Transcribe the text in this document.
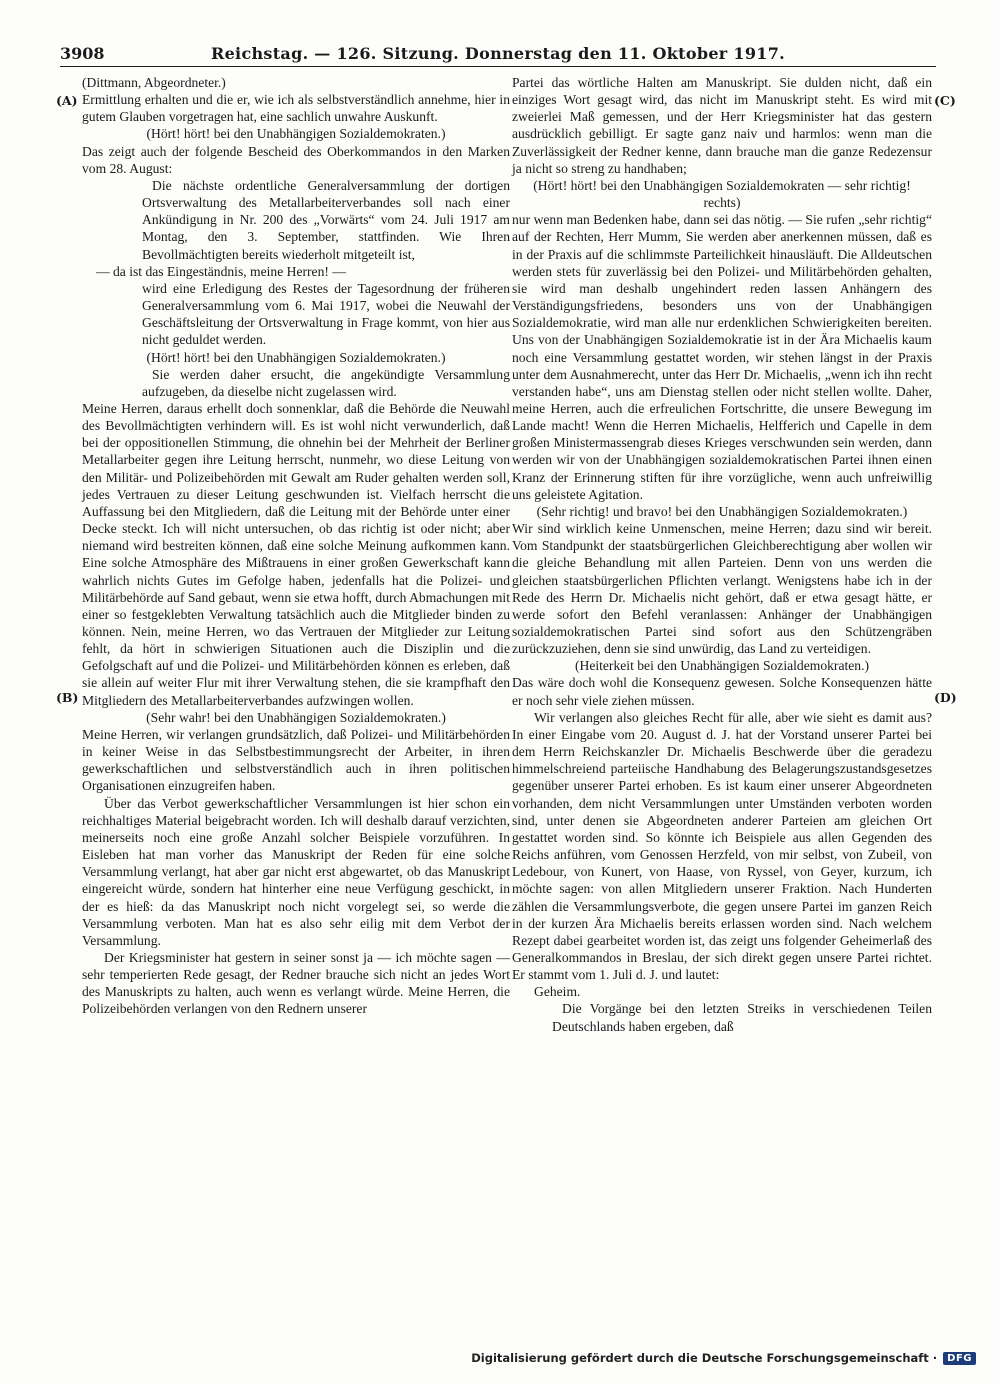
3908	Reichstag. — 126. Sitzung. Donnerstag den 11. Oktober 1917.
(A)
(B)
(C)
(D)

(Dittmann, Abgeordneter.)

Ermittlung erhalten und die er, wie ich als selbstverständlich annehme, hier in gutem Glauben vorgetragen hat, eine sachlich unwahre Auskunft.

(Hört! hört! bei den Unabhängigen Sozialdemokraten.)

Das zeigt auch der folgende Bescheid des Oberkommandos in den Marken vom 28. August:

Die nächste ordentliche Generalversammlung der dortigen Ortsverwaltung des Metallarbeiterverbandes soll nach einer Ankündigung in Nr. 200 des „Vorwärts“ vom 24. Juli 1917 am Montag, den 3. September, stattfinden. Wie Ihren Bevollmächtigten bereits wiederholt mitgeteilt ist,

— da ist das Eingeständnis, meine Herren! —

wird eine Erledigung des Restes der Tagesordnung der früheren Generalversammlung vom 6. Mai 1917, wobei die Neuwahl der Geschäftsleitung der Ortsverwaltung in Frage kommt, von hier aus nicht geduldet werden.

(Hört! hört! bei den Unabhängigen Sozialdemokraten.)

Sie werden daher ersucht, die angekündigte Versammlung aufzugeben, da dieselbe nicht zugelassen wird.

Meine Herren, daraus erhellt doch sonnenklar, daß die Behörde die Neuwahl des Bevollmächtigten verhindern will. Es ist wohl nicht verwunderlich, daß bei der oppositionellen Stimmung, die ohnehin bei der Mehrheit der Berliner Metallarbeiter gegen ihre Leitung herrscht, nunmehr, wo diese Leitung von den Militär- und Polizeibehörden mit Gewalt am Ruder gehalten werden soll, jedes Vertrauen zu dieser Leitung geschwunden ist. Vielfach herrscht die Auffassung bei den Mitgliedern, daß die Leitung mit der Behörde unter einer Decke steckt. Ich will nicht untersuchen, ob das richtig ist oder nicht; aber niemand wird bestreiten können, daß eine solche Meinung aufkommen kann. Eine solche Atmosphäre des Mißtrauens in einer großen Gewerkschaft kann wahrlich nichts Gutes im Gefolge haben, jedenfalls hat die Polizei- und Militärbehörde auf Sand gebaut, wenn sie etwa hofft, durch Abmachungen mit einer so festgeklebten Verwaltung tatsächlich auch die Mitglieder binden zu können. Nein, meine Herren, wo das Vertrauen der Mitglieder zur Leitung fehlt, da hört in schwierigen Situationen auch die Disziplin und die Gefolgschaft auf und die Polizei- und Militärbehörden können es erleben, daß sie allein auf weiter Flur mit ihrer Verwaltung stehen, die sie krampfhaft den Mitgliedern des Metallarbeiterverbandes aufzwingen wollen.

(Sehr wahr! bei den Unabhängigen Sozialdemokraten.)

Meine Herren, wir verlangen grundsätzlich, daß Polizei- und Militärbehörden in keiner Weise in das Selbstbestimmungsrecht der Arbeiter, in ihren gewerkschaftlichen und selbstverständlich auch in ihren politischen Organisationen einzugreifen haben.

Über das Verbot gewerkschaftlicher Versammlungen ist hier schon ein reichhaltiges Material beigebracht worden. Ich will deshalb darauf verzichten, meinerseits noch eine große Anzahl solcher Beispiele vorzuführen. In Eisleben hat man vorher das Manuskript der Reden für eine solche Versammlung verlangt, hat aber gar nicht erst abgewartet, ob das Manuskript eingereicht würde, sondern hat hinterher eine neue Verfügung geschickt, in der es hieß: da das Manuskript noch nicht vorgelegt sei, so werde die Versammlung verboten. Man hat es also sehr eilig mit dem Verbot der Versammlung.

Der Kriegsminister hat gestern in seiner sonst ja — ich möchte sagen — sehr temperierten Rede gesagt, der Redner brauche sich nicht an jedes Wort des Manuskripts zu halten, auch wenn es verlangt würde. Meine Herren, die Polizeibehörden verlangen von den Rednern unserer

Partei das wörtliche Halten am Manuskript. Sie dulden nicht, daß ein einziges Wort gesagt wird, das nicht im Manuskript steht. Es wird mit zweierlei Maß gemessen, und der Herr Kriegsminister hat das gestern ausdrücklich gebilligt. Er sagte ganz naiv und harmlos: wenn man die Zuverlässigkeit der Redner kenne, dann brauche man die ganze Redezensur ja nicht so streng zu handhaben;

(Hört! hört! bei den Unabhängigen Sozialdemokraten — sehr richtig! rechts)

nur wenn man Bedenken habe, dann sei das nötig. — Sie rufen „sehr richtig“ auf der Rechten, Herr Mumm, Sie werden aber anerkennen müssen, daß es in der Praxis auf die schlimmste Parteilichkeit hinausläuft. Die Alldeutschen werden stets für zuverlässig bei den Polizei- und Militärbehörden gehalten, sie wird man deshalb ungehindert reden lassen Anhängern des Verständigungsfriedens, besonders uns von der Unabhängigen Sozialdemokratie, wird man alle nur erdenklichen Schwierigkeiten bereiten. Uns von der Unabhängigen Sozialdemokratie ist in der Ära Michaelis kaum noch eine Versammlung gestattet worden, wir stehen längst in der Praxis unter dem Ausnahmerecht, unter das Herr Dr. Michaelis, „wenn ich ihn recht verstanden habe“, uns am Dienstag stellen oder nicht stellen wollte. Daher, meine Herren, auch die erfreulichen Fortschritte, die unsere Bewegung im Lande macht! Wenn die Herren Michaelis, Helfferich und Capelle in dem großen Ministermassengrab dieses Krieges verschwunden sein werden, dann werden wir von der Unabhängigen sozialdemokratischen Partei ihnen einen Kranz der Erinnerung stiften für ihre vorzügliche, wenn auch unfreiwillig uns geleistete Agitation.

(Sehr richtig! und bravo! bei den Unabhängigen Sozialdemokraten.)

Wir sind wirklich keine Unmenschen, meine Herren; dazu sind wir bereit. Vom Standpunkt der staatsbürgerlichen Gleichberechtigung aber wollen wir die gleiche Behandlung mit allen Parteien. Denn von uns werden die gleichen staatsbürgerlichen Pflichten verlangt. Wenigstens habe ich in der Rede des Herrn Dr. Michaelis nicht gehört, daß er etwa gesagt hätte, er werde sofort den Befehl veranlassen: Anhänger der Unabhängigen sozialdemokratischen Partei sind sofort aus den Schützengräben zurückzuziehen, denn sie sind unwürdig, das Land zu verteidigen.

(Heiterkeit bei den Unabhängigen Sozialdemokraten.)

Das wäre doch wohl die Konsequenz gewesen. Solche Konsequenzen hätte er noch sehr viele ziehen müssen.

Wir verlangen also gleiches Recht für alle, aber wie sieht es damit aus? In einer Eingabe vom 20. August d. J. hat der Vorstand unserer Partei bei dem Herrn Reichskanzler Dr. Michaelis Beschwerde über die geradezu himmelschreiend parteiische Handhabung des Belagerungszustandsgesetzes gegenüber unserer Partei erhoben. Es ist kaum einer unserer Abgeordneten vorhanden, dem nicht Versammlungen unter Umständen verboten worden sind, unter denen sie Abgeordneten anderer Parteien am gleichen Ort gestattet worden sind. So könnte ich Beispiele aus allen Gegenden des Reichs anführen, vom Genossen Herzfeld, von mir selbst, von Zubeil, von Ledebour, von Kunert, von Haase, von Ryssel, von Geyer, kurzum, ich möchte sagen: von allen Mitgliedern unserer Fraktion. Nach Hunderten zählen die Versammlungsverbote, die gegen unsere Partei im ganzen Reich in der kurzen Ära Michaelis bereits erlassen worden sind. Nach welchem Rezept dabei gearbeitet worden ist, das zeigt uns folgender Geheimerlaß des Generalkommandos in Breslau, der sich direkt gegen unsere Partei richtet. Er stammt vom 1. Juli d. J. und lautet:

Geheim.

Die Vorgänge bei den letzten Streiks in verschiedenen Teilen Deutschlands haben ergeben, daß

Digitalisierung gefördert durch die Deutsche Forschungsgemeinschaft ·	DFG
